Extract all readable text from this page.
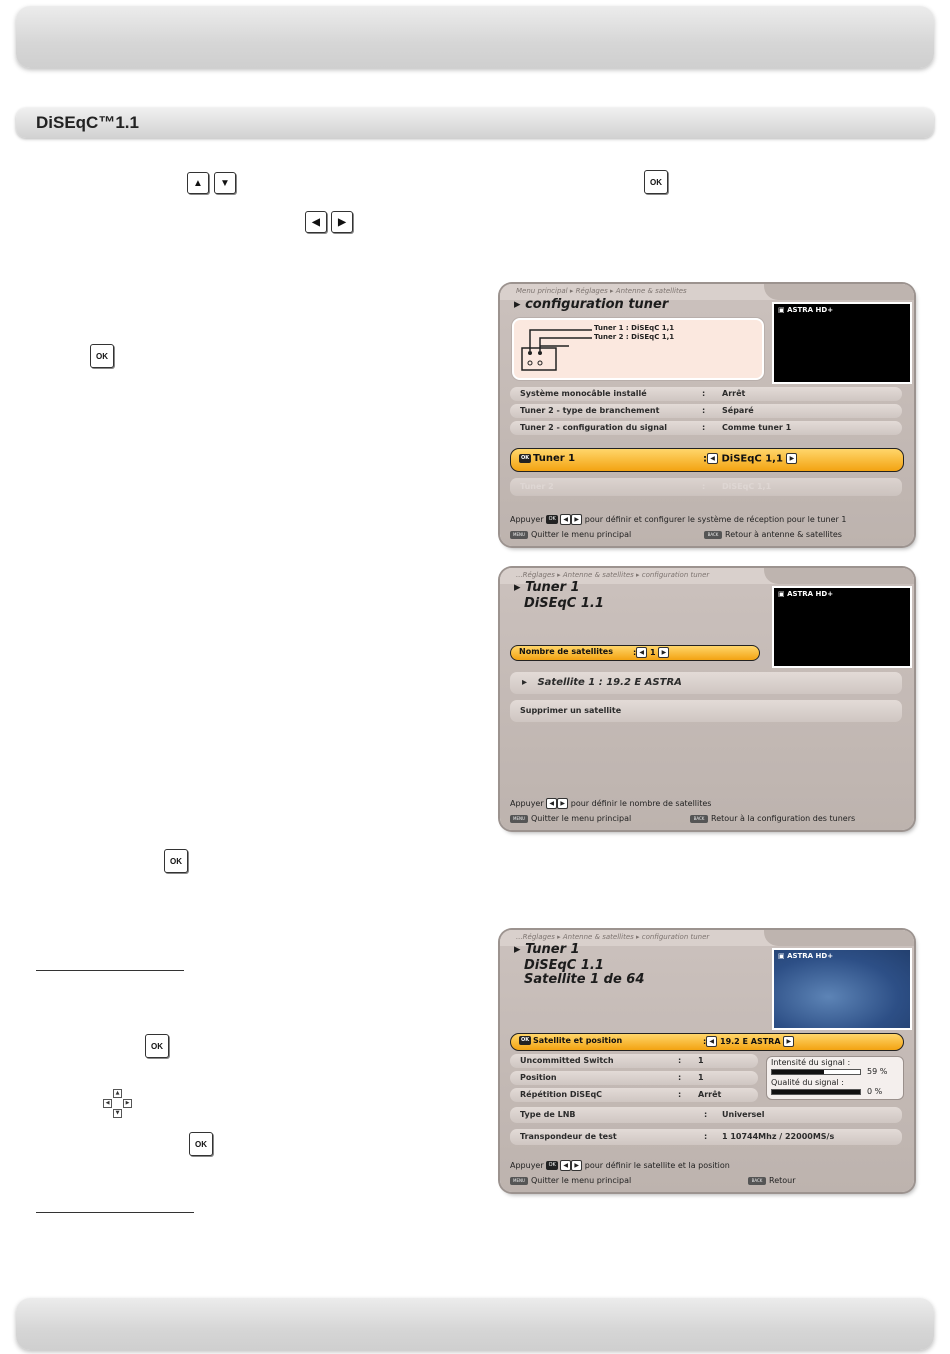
DiSEqC™1.1
▲	▼	OK
◀	▶
OK
OK
OK
OK
▲
◀	▶
▼
Menu principal ▸ Réglages ▸ Antenne & satellites
▸ configuration tuner	▣ ASTRA HD+
Tuner 1 : DiSEqC 1,1
Tuner 2 : DiSEqC 1,1
Système monocâble installé	: Arrêt
Tuner 2 - type de branchement	: Séparé
Tuner 2 - configuration du signal	: Comme tuner 1
OK Tuner 1	: ◀ DiSEqC 1,1 ▶
Tuner 2	: DiSEqC 1,1
Appuyer OK ◀ ▶ pour définir et configurer le système de réception pour le tuner 1
MENU Quitter le menu principal	BACK Retour à antenne & satellites
...Réglages ▸ Antenne & satellites ▸ configuration tuner
▸ Tuner 1
DiSEqC 1.1
▣ ASTRA HD+
Nombre de satellites	: ◀ 1 ▶
▸   Satellite 1 : 19.2 E ASTRA
Supprimer un satellite
Appuyer ◀ ▶ pour définir le nombre de satellites
MENU Quitter le menu principal	BACK Retour à la configuration des tuners
...Réglages ▸ Antenne & satellites ▸ configuration tuner
▸ Tuner 1
DiSEqC 1.1
Satellite 1 de 64
▣ ASTRA HD+
OK Satellite et position	: ◀ 19.2 E ASTRA ▶
Uncommitted Switch	: 1
Position	: 1
Répétition DiSEqC	: Arrêt
Intensité du signal :
59 %
Qualité du signal :
0 %
Type de LNB	: Universel
Transpondeur de test	: 1 10744Mhz / 22000MS/s
Appuyer OK ◀ ▶ pour définir le satellite et la position
MENU Quitter le menu principal	BACK Retour
